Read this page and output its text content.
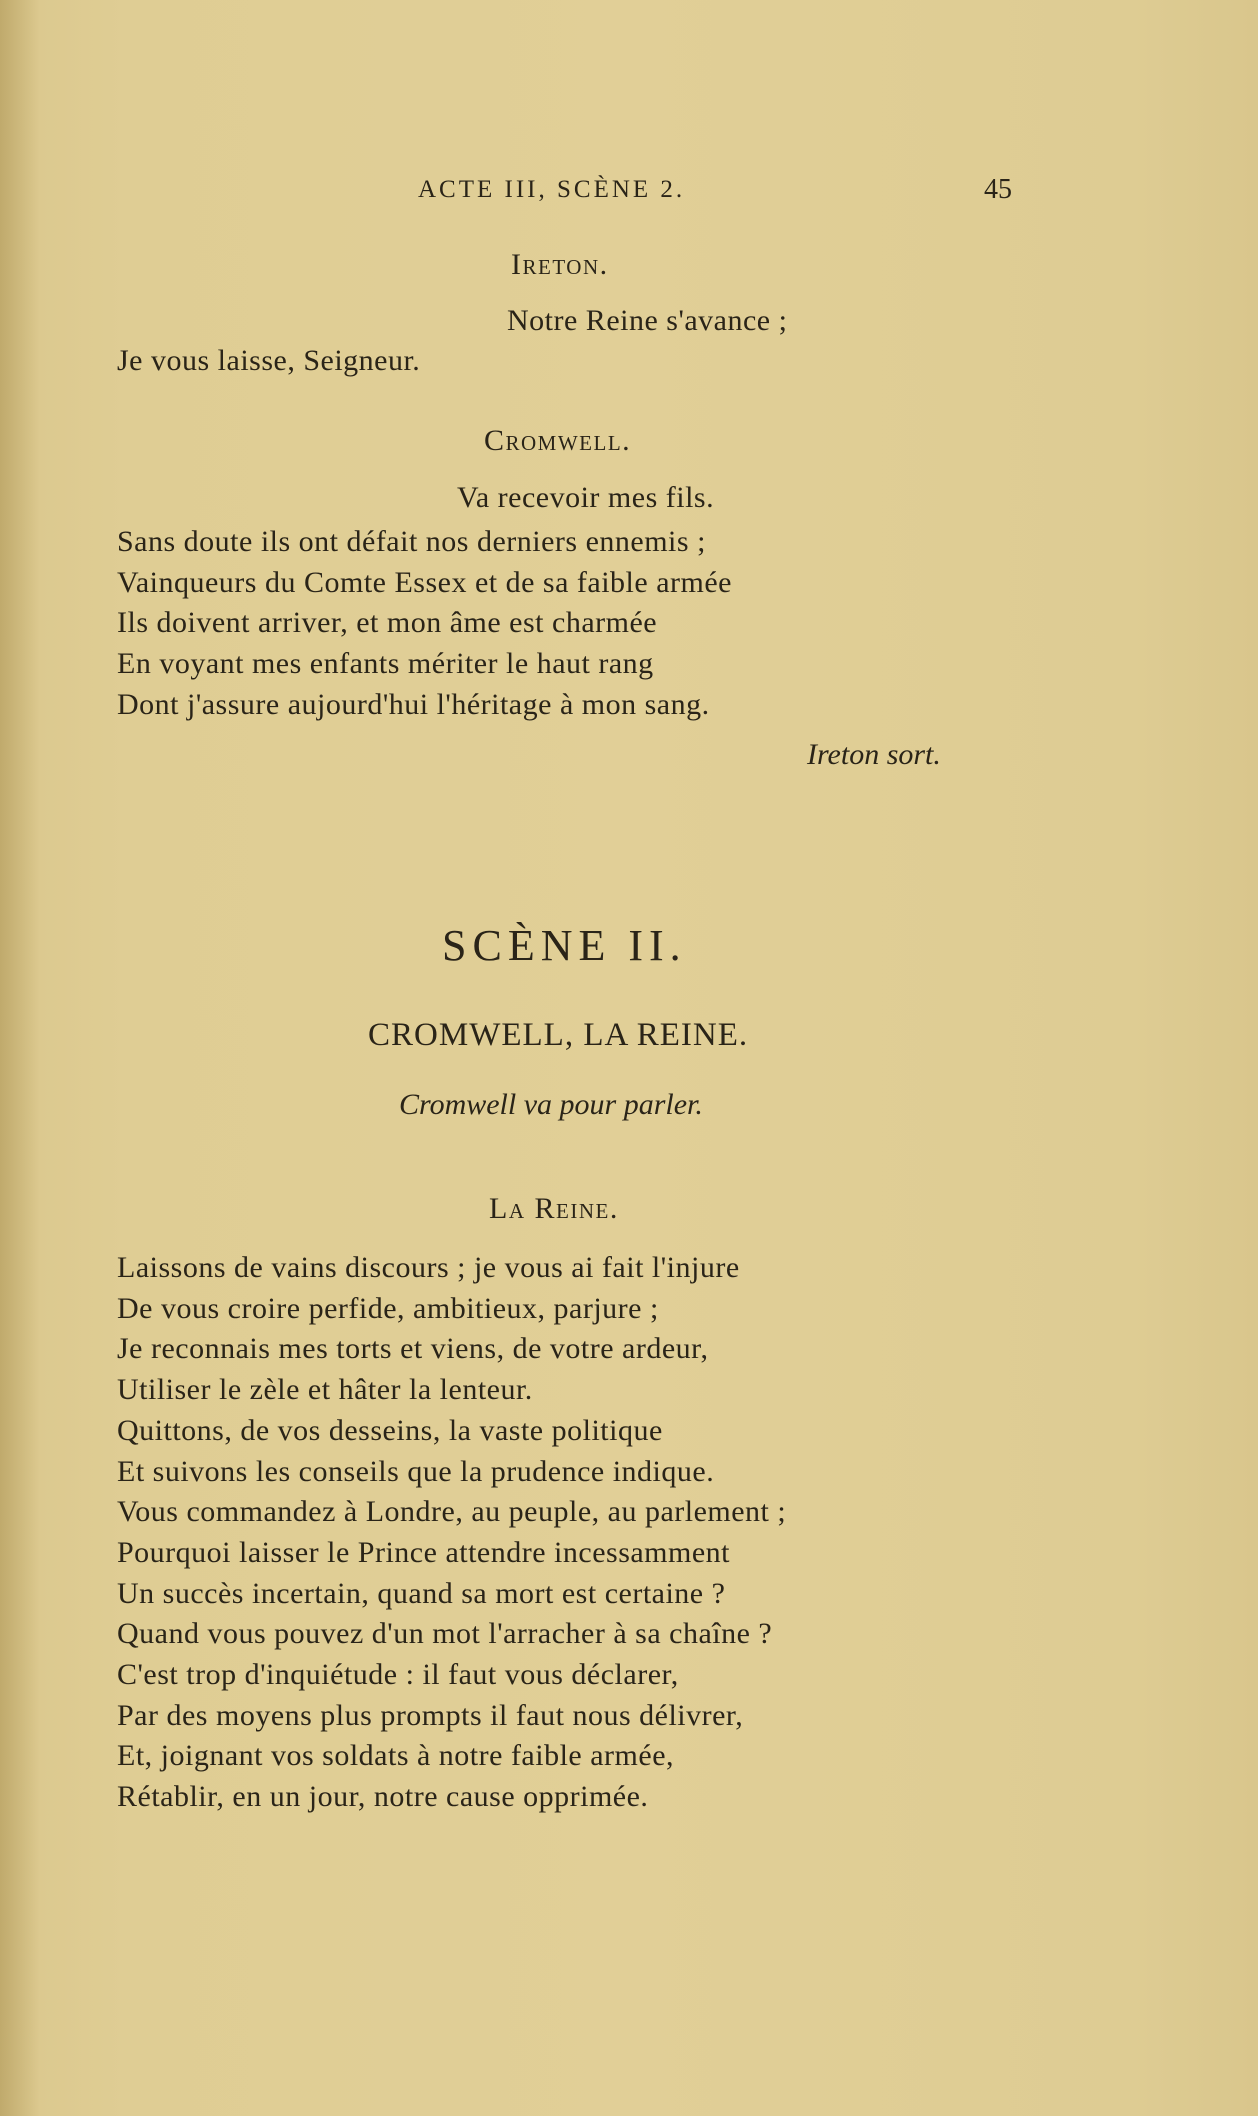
ACTE III, SCÈNE 2.	45
Ireton.
Notre Reine s'avance ;
Je vous laisse, Seigneur.
Cromwell.
Va recevoir mes fils.
Sans doute ils ont défait nos derniers ennemis ;
Vainqueurs du Comte Essex et de sa faible armée
Ils doivent arriver, et mon âme est charmée
En voyant mes enfants mériter le haut rang
Dont j'assure aujourd'hui l'héritage à mon sang.
Ireton sort.
SCÈNE II.
CROMWELL, LA REINE.
Cromwell va pour parler.
La Reine.
Laissons de vains discours ; je vous ai fait l'injure
De vous croire perfide, ambitieux, parjure ;
Je reconnais mes torts et viens, de votre ardeur,
Utiliser le zèle et hâter la lenteur.
Quittons, de vos desseins, la vaste politique
Et suivons les conseils que la prudence indique.
Vous commandez à Londre, au peuple, au parlement ;
Pourquoi laisser le Prince attendre incessamment
Un succès incertain, quand sa mort est certaine ?
Quand vous pouvez d'un mot l'arracher à sa chaîne ?
C'est trop d'inquiétude : il faut vous déclarer,
Par des moyens plus prompts il faut nous délivrer,
Et, joignant vos soldats à notre faible armée,
Rétablir, en un jour, notre cause opprimée.
